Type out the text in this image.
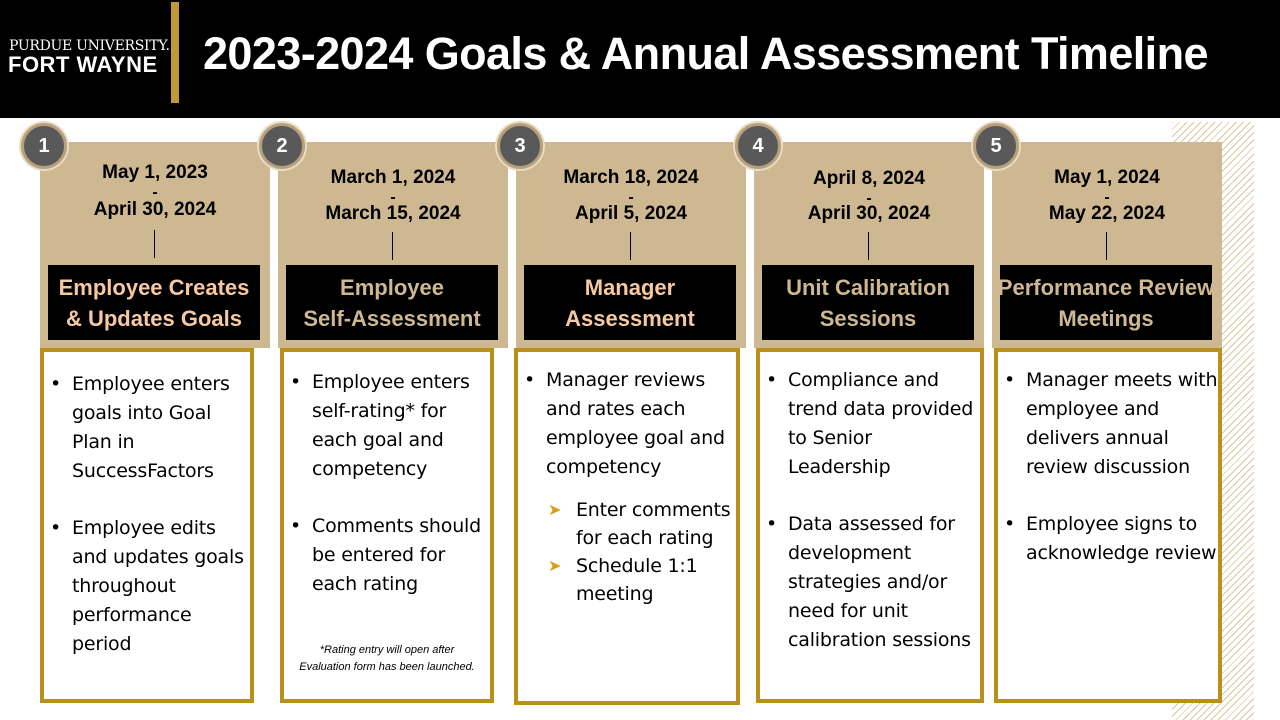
PURDUE UNIVERSITY.
FORT WAYNE 2023-2024 Goals & Annual Assessment Timeline
1
May 1, 2023
-
April 30, 2024
Employee Creates
& Updates Goals
• Employee enters goals into Goal Plan in SuccessFactors
• Employee edits and updates goals throughout performance period
2
March 1, 2024
-
March 15, 2024
Employee
Self-Assessment
• Employee enters self-rating* for each goal and competency
• Comments should be entered for each rating
*Rating entry will open after
Evaluation form has been launched.
3
March 18, 2024
-
April 5, 2024
Manager
Assessment
• Manager reviews and rates each employee goal and competency
➤ Enter comments for each rating
➤ Schedule 1:1 meeting
4
April 8, 2024
-
April 30, 2024
Unit Calibration
Sessions
• Compliance and trend data provided to Senior Leadership
• Data assessed for development strategies and/or need for unit calibration sessions
5
May 1, 2024
-
May 22, 2024
Performance Review
Meetings
• Manager meets with employee and delivers annual review discussion
• Employee signs to acknowledge review
